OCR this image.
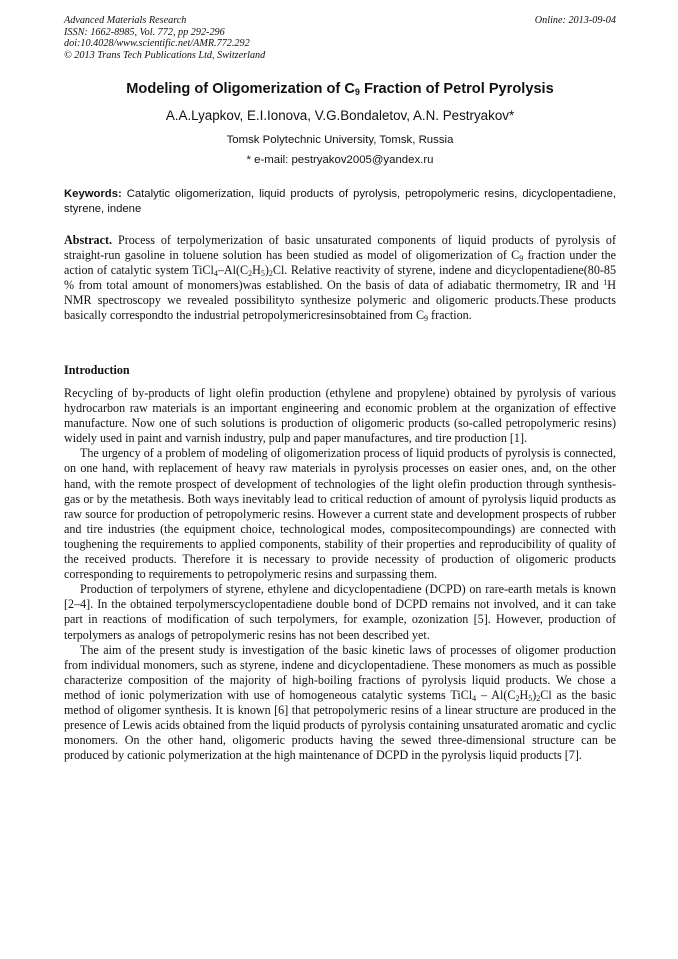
Advanced Materials Research
ISSN: 1662-8985, Vol. 772, pp 292-296
doi:10.4028/www.scientific.net/AMR.772.292
© 2013 Trans Tech Publications Ltd, Switzerland
Online: 2013-09-04
Modeling of Oligomerization of $C_9$ Fraction of Petrol Pyrolysis
A.A.Lyapkov, E.I.Ionova, V.G.Bondaletov, A.N. Pestryakov*
Tomsk Polytechnic University, Tomsk, Russia
* e-mail: pestryakov2005@yandex.ru
Keywords: Catalytic oligomerization, liquid products of pyrolysis, petropolymeric resins, dicyclopentadiene, styrene, indene

Abstract. Process of terpolymerization of basic unsaturated components of liquid products of pyrolysis of straight-run gasoline in toluene solution has been studied as model of oligomerization of $C_9$ fraction under the action of catalytic system $TiCl_4-Al(C_2H_5)_2Cl$. Relative reactivity of styrene, indene and dicyclopentadiene(80-85 % from total amount of monomers)was established. On the basis of data of adiabatic thermometry, IR and $^1$H NMR spectroscopy we revealed possibilityto synthesize polymeric and oligomeric products.These products basically correspondto the industrial petropolymericresinsobtained from $C_9$ fraction.

Introduction

Recycling of by-products of light olefin production (ethylene and propylene) obtained by pyrolysis of various hydrocarbon raw materials is an important engineering and economic problem at the organization of effective manufacture. Now one of such solutions is production of oligomeric products (so-called petropolymeric resins) widely used in paint and varnish industry, pulp and paper manufactures, and tire production [1].

The urgency of a problem of modeling of oligomerization process of liquid products of pyrolysis is connected, on one hand, with replacement of heavy raw materials in pyrolysis processes on easier ones, and, on the other hand, with the remote prospect of development of technologies of the light olefin production through synthesis-gas or by the metathesis. Both ways inevitably lead to critical reduction of amount of pyrolysis liquid products as raw source for production of petropolymeric resins. However a current state and development prospects of rubber and tire industries (the equipment choice, technological modes, compositecompoundings) are connected with toughening the requirements to applied components, stability of their properties and reproducibility of quality of the received products. Therefore it is necessary to provide necessity of production of oligomeric products corresponding to requirements to petropolymeric resins and surpassing them.

Production of terpolymers of styrene, ethylene and dicyclopentadiene (DCPD) on rare-earth metals is known [2–4]. In the obtained terpolymerscyclopentadiene double bond of DCPD remains not involved, and it can take part in reactions of modification of such terpolymers, for example, ozonization [5]. However, production of terpolymers as analogs of petropolymeric resins has not been described yet.

The aim of the present study is investigation of the basic kinetic laws of processes of oligomer production from individual monomers, such as styrene, indene and dicyclopentadiene. These monomers as much as possible characterize composition of the majority of high-boiling fractions of pyrolysis liquid products. We chose a method of ionic polymerization with use of homogeneous catalytic systems TiCl$_4$ – $Al(C_2H_5)_2Cl$ as the basic method of oligomer synthesis. It is known [6] that petropolymeric resins of a linear structure are produced in the presence of Lewis acids obtained from the liquid products of pyrolysis containing unsaturated aromatic and cyclic monomers. On the other hand, oligomeric products having the sewed three-dimensional structure can be produced by cationic polymerization at the high maintenance of DCPD in the pyrolysis liquid products [7].
